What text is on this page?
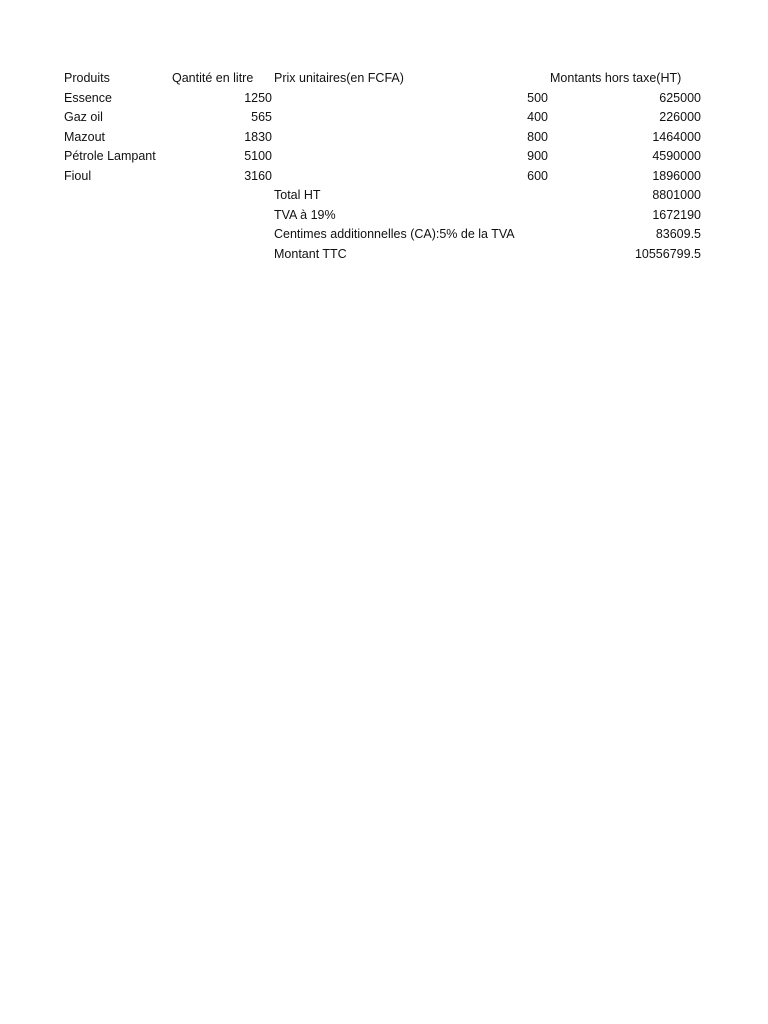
Produits	Qantité en litre	Prix unitaires(en FCFA)	Montants hors taxe(HT)
Essence	1250	500	625000
Gaz oil	565	400	226000
Mazout	1830	800	1464000
Pétrole Lampant	5100	900	4590000
Fioul	3160	600	1896000
Total HT	8801000
TVA à 19%	1672190
Centimes additionnelles (CA):5% de la TVA	83609.5
Montant TTC	10556799.5
